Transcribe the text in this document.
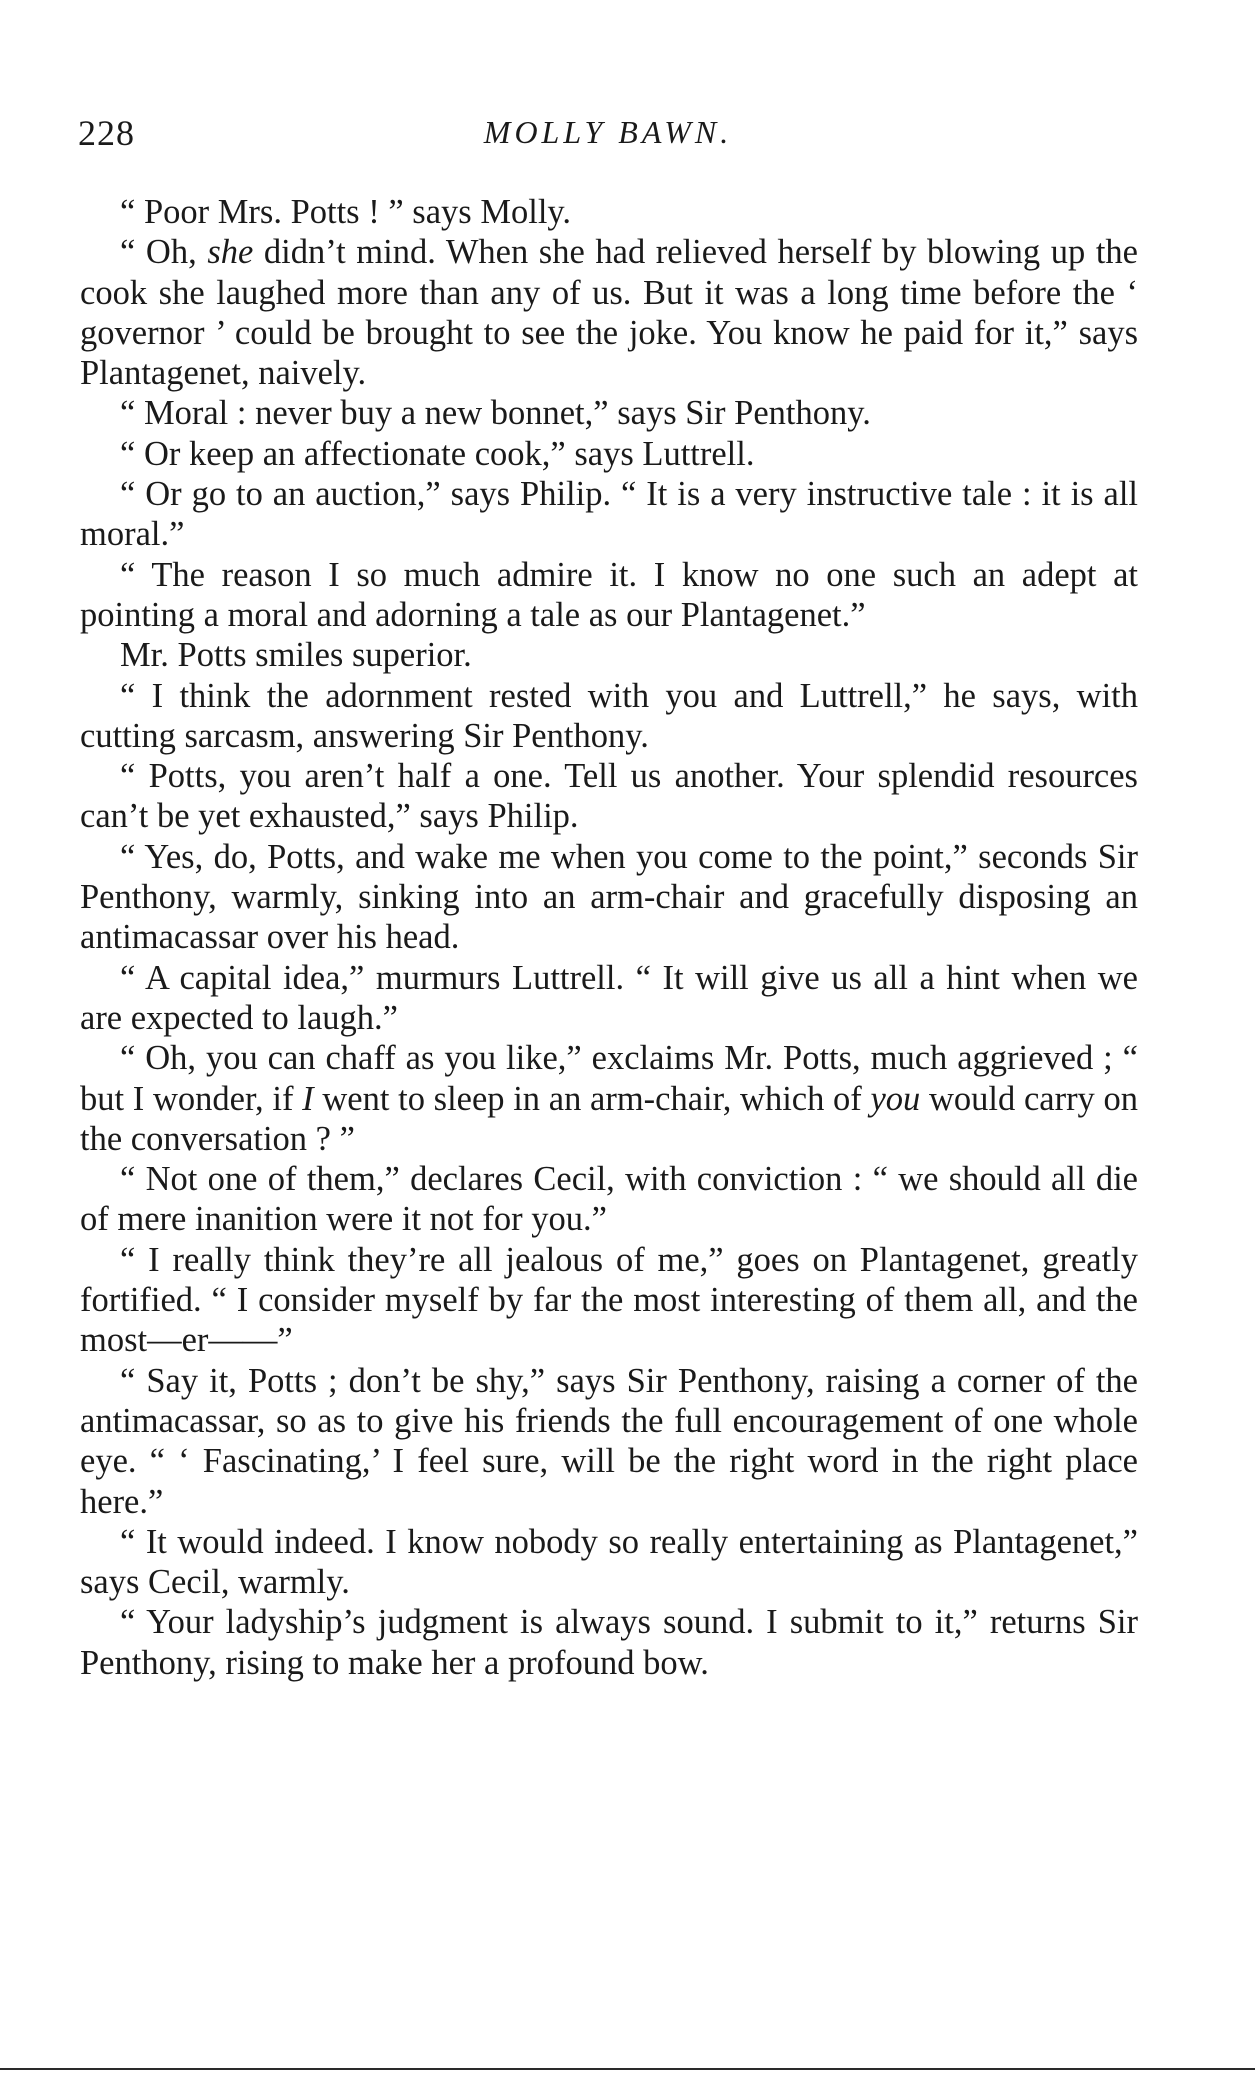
228	MOLLY BAWN.

“ Poor Mrs. Potts ! ” says Molly.

“ Oh, she didn’t mind. When she had relieved herself by blowing up the cook she laughed more than any of us. But it was a long time before the ‘ governor ’ could be brought to see the joke. You know he paid for it,” says Plantagenet, naively.

“ Moral : never buy a new bonnet,” says Sir Penthony.

“ Or keep an affectionate cook,” says Luttrell.

“ Or go to an auction,” says Philip. “ It is a very instructive tale : it is all moral.”

“ The reason I so much admire it. I know no one such an adept at pointing a moral and adorning a tale as our Plantagenet.”

Mr. Potts smiles superior.

“ I think the adornment rested with you and Luttrell,” he says, with cutting sarcasm, answering Sir Penthony.

“ Potts, you aren’t half a one. Tell us another. Your splendid resources can’t be yet exhausted,” says Philip.

“ Yes, do, Potts, and wake me when you come to the point,” seconds Sir Penthony, warmly, sinking into an arm-chair and gracefully disposing an antimacassar over his head.

“ A capital idea,” murmurs Luttrell. “ It will give us all a hint when we are expected to laugh.”

“ Oh, you can chaff as you like,” exclaims Mr. Potts, much aggrieved ; “ but I wonder, if I went to sleep in an arm-chair, which of you would carry on the conversation ? ”

“ Not one of them,” declares Cecil, with conviction : “ we should all die of mere inanition were it not for you.”

“ I really think they’re all jealous of me,” goes on Plantagenet, greatly fortified. “ I consider myself by far the most interesting of them all, and the most—er——”

“ Say it, Potts ; don’t be shy,” says Sir Penthony, raising a corner of the antimacassar, so as to give his friends the full encouragement of one whole eye. “ ‘ Fascinating,’ I feel sure, will be the right word in the right place here.”

“ It would indeed. I know nobody so really entertaining as Plantagenet,” says Cecil, warmly.

“ Your ladyship’s judgment is always sound. I submit to it,” returns Sir Penthony, rising to make her a profound bow.
